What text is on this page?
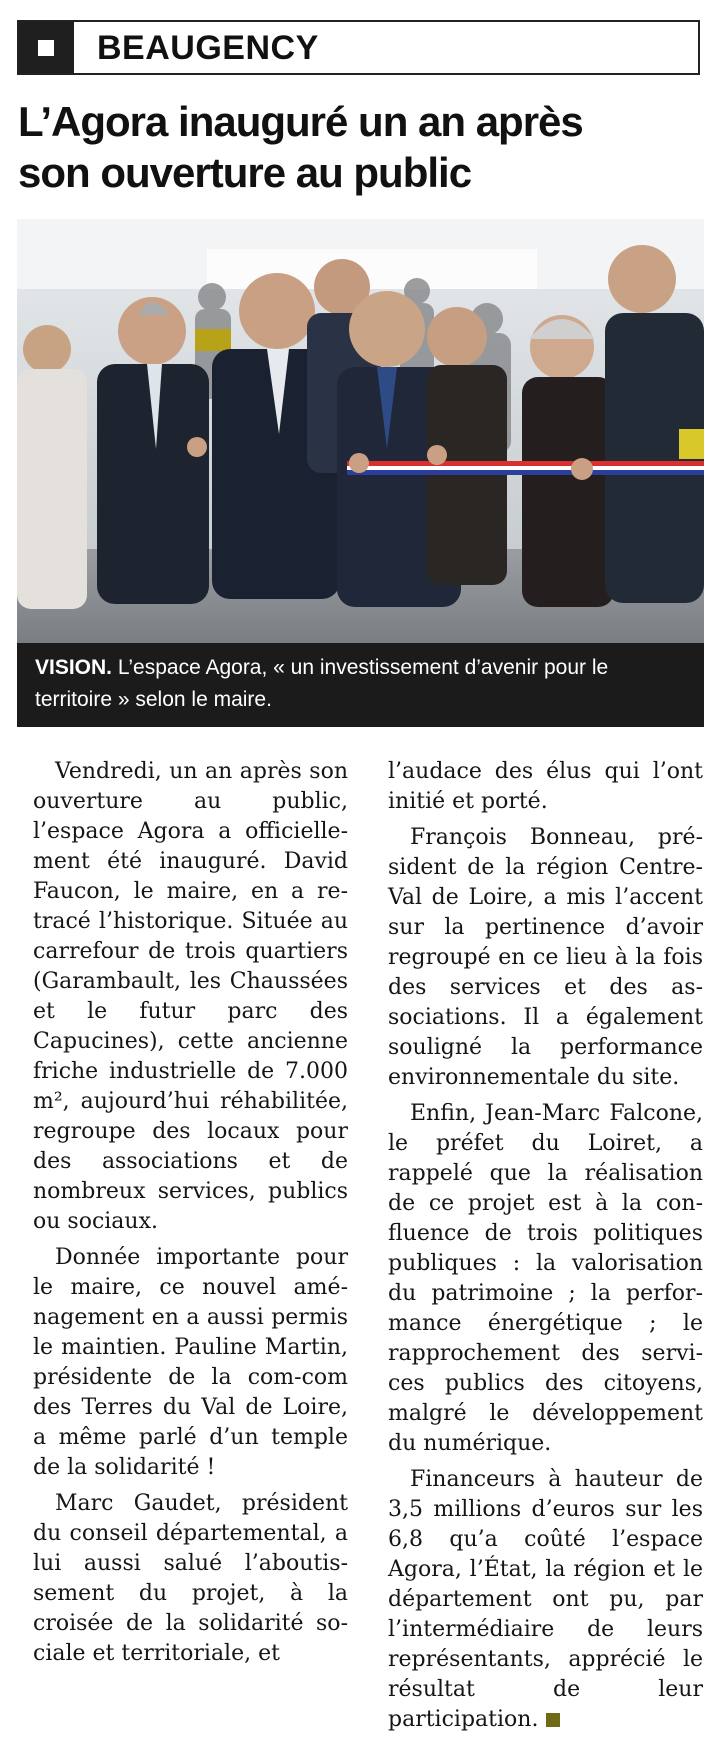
BEAUGENCY
L’Agora inauguré un an après
son ouverture au public
VISION. L’espace Agora, « un investissement d’avenir pour le territoire » selon le maire.

Vendredi, un an après son ouverture au public, l’espace Agora a officiellement été inauguré. David Faucon, le maire, en a retracé l’historique. Située au carrefour de trois quartiers (Garambault, les Chaussées et le futur parc des Capucines), cette ancienne friche industrielle de 7.000 m², aujourd’hui réhabilitée, regroupe des locaux pour des associations et de nombreux services, publics ou sociaux.

Donnée importante pour le maire, ce nouvel aménagement en a aussi permis le maintien. Pauline Martin, présidente de la com-com des Terres du Val de Loire, a même parlé d’un temple de la solidarité !

Marc Gaudet, président du conseil départemental, a lui aussi salué l’aboutissement du projet, à la croisée de la solidarité sociale et territoriale, et

l’audace des élus qui l’ont initié et porté.

François Bonneau, président de la région Centre-Val de Loire, a mis l’accent sur la pertinence d’avoir regroupé en ce lieu à la fois des services et des associations. Il a également souligné la performance environnementale du site.

Enfin, Jean-Marc Falcone, le préfet du Loiret, a rappelé que la réalisation de ce projet est à la confluence de trois politiques publiques : la valorisation du patrimoine ; la performance énergétique ; le rapprochement des services publics des citoyens, malgré le développement du numérique.

Financeurs à hauteur de 3,5 millions d’euros sur les 6,8 qu’a coûté l’espace Agora, l’État, la région et le département ont pu, par l’intermédiaire de leurs représentants, apprécié le résultat de leur participation.
